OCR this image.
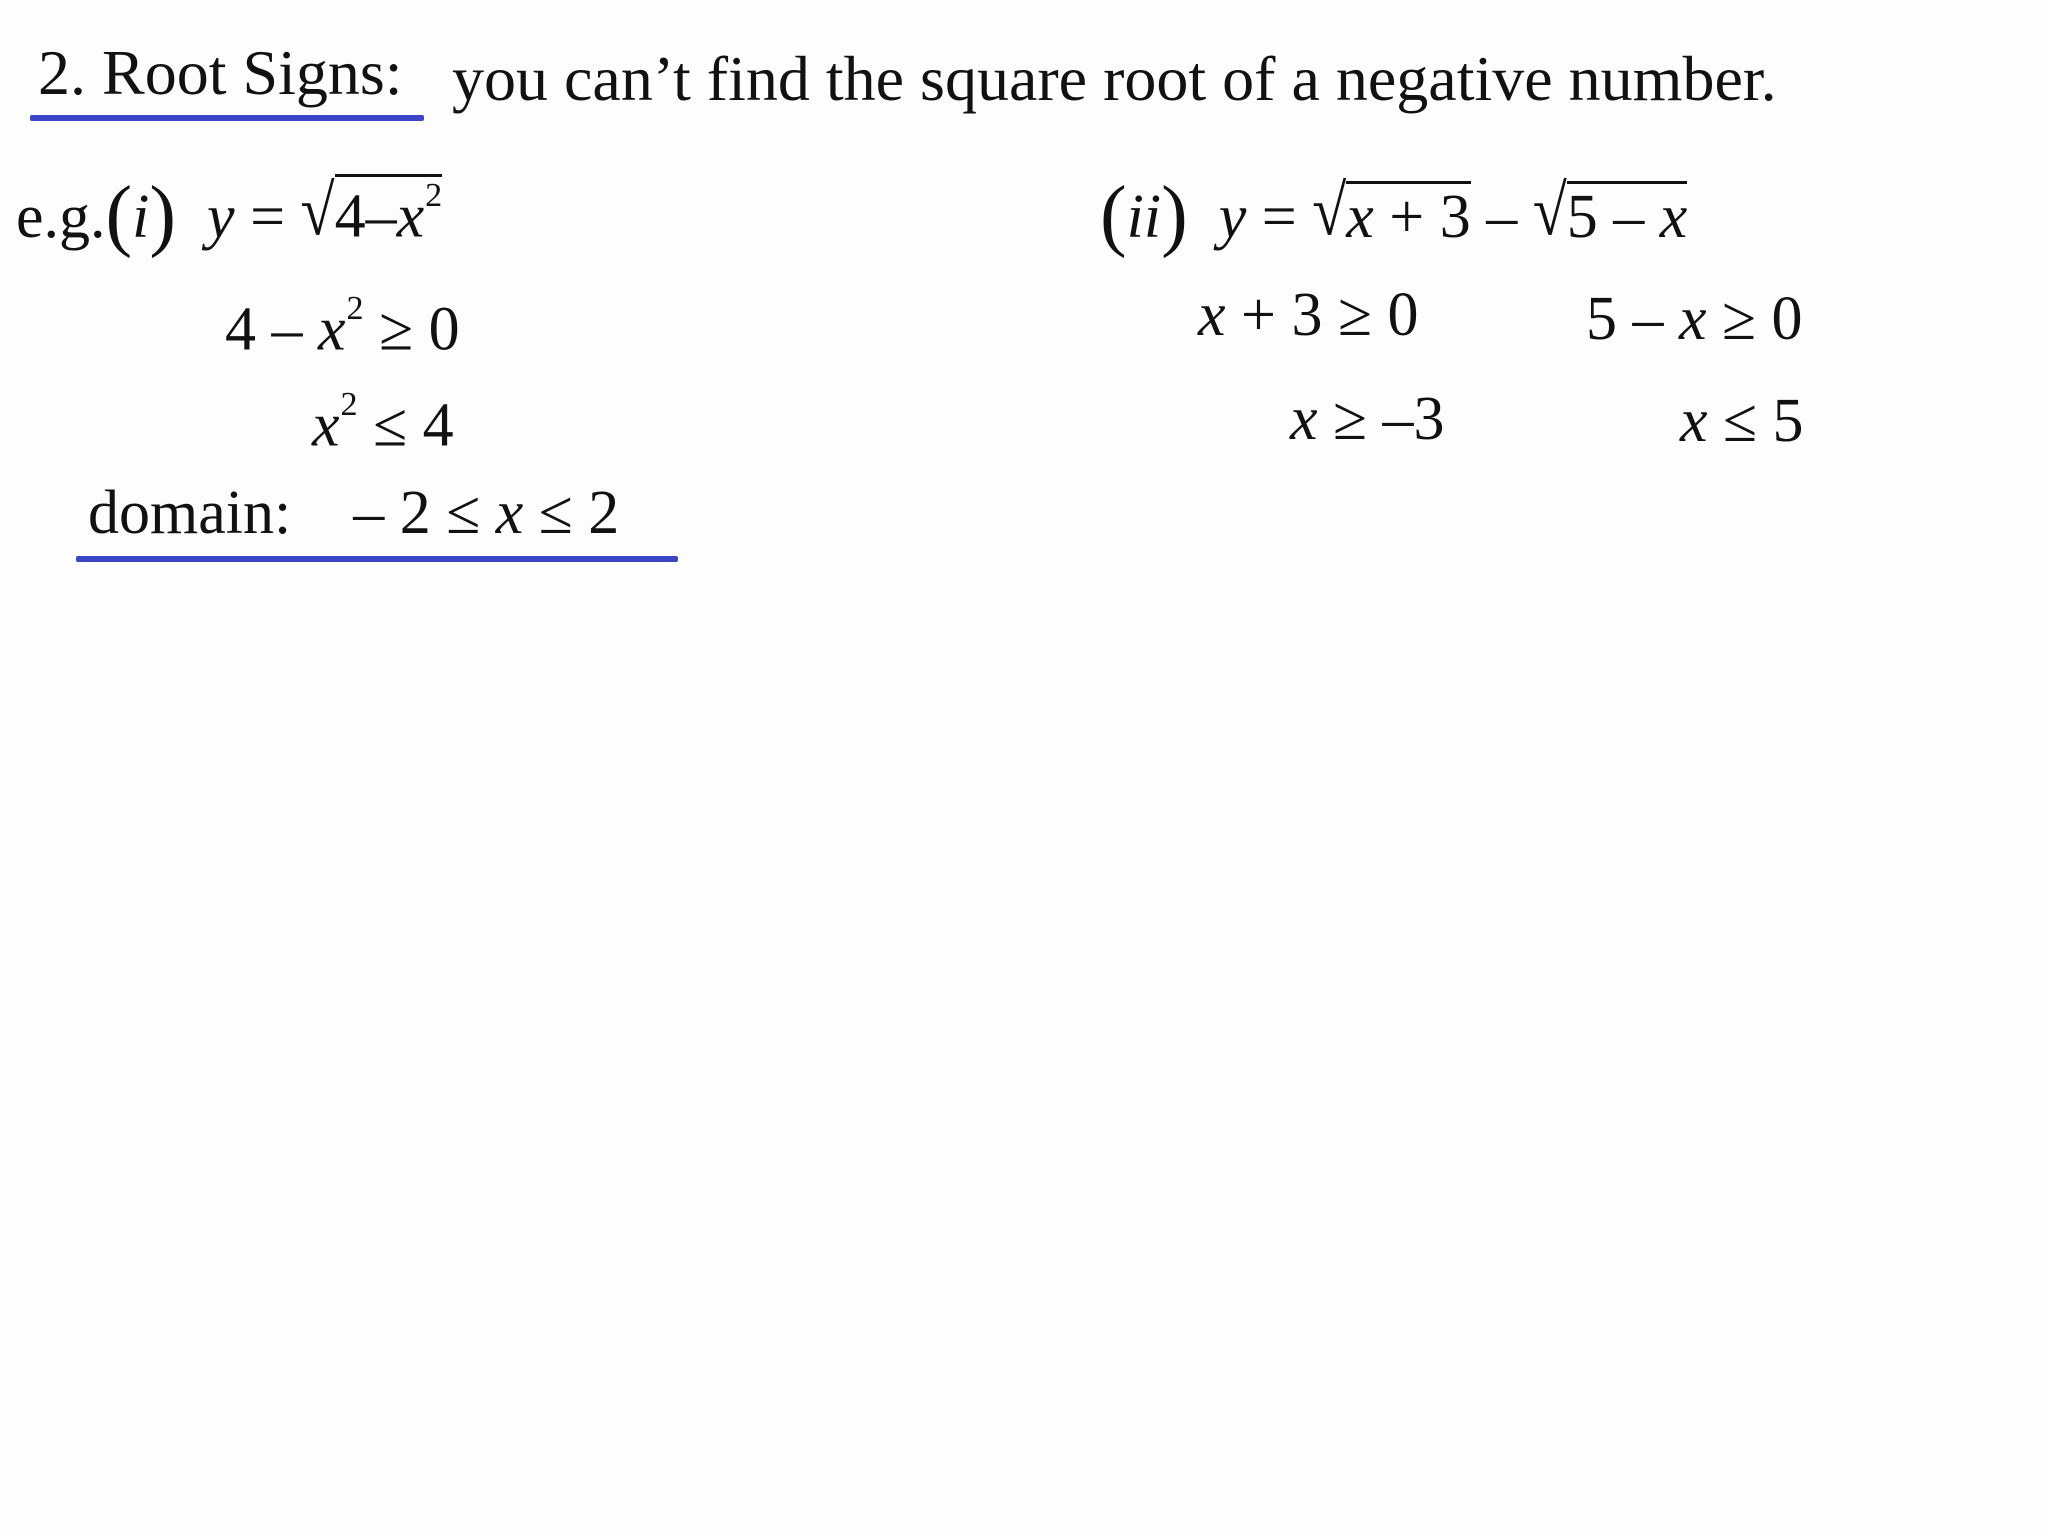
2. Root Signs: you can’t find the square root of a negative number.
e.g.(i) $y = √4-x^2$
$4 - x^2 \ge 0$
$x^2 \le 4$
domain: – 2 ≤ x ≤ 2
(ii) y = √x + 3 – √5 – x
x + 3 ≥ 0
x ≥ –3
5 – x ≥ 0
x ≤ 5
